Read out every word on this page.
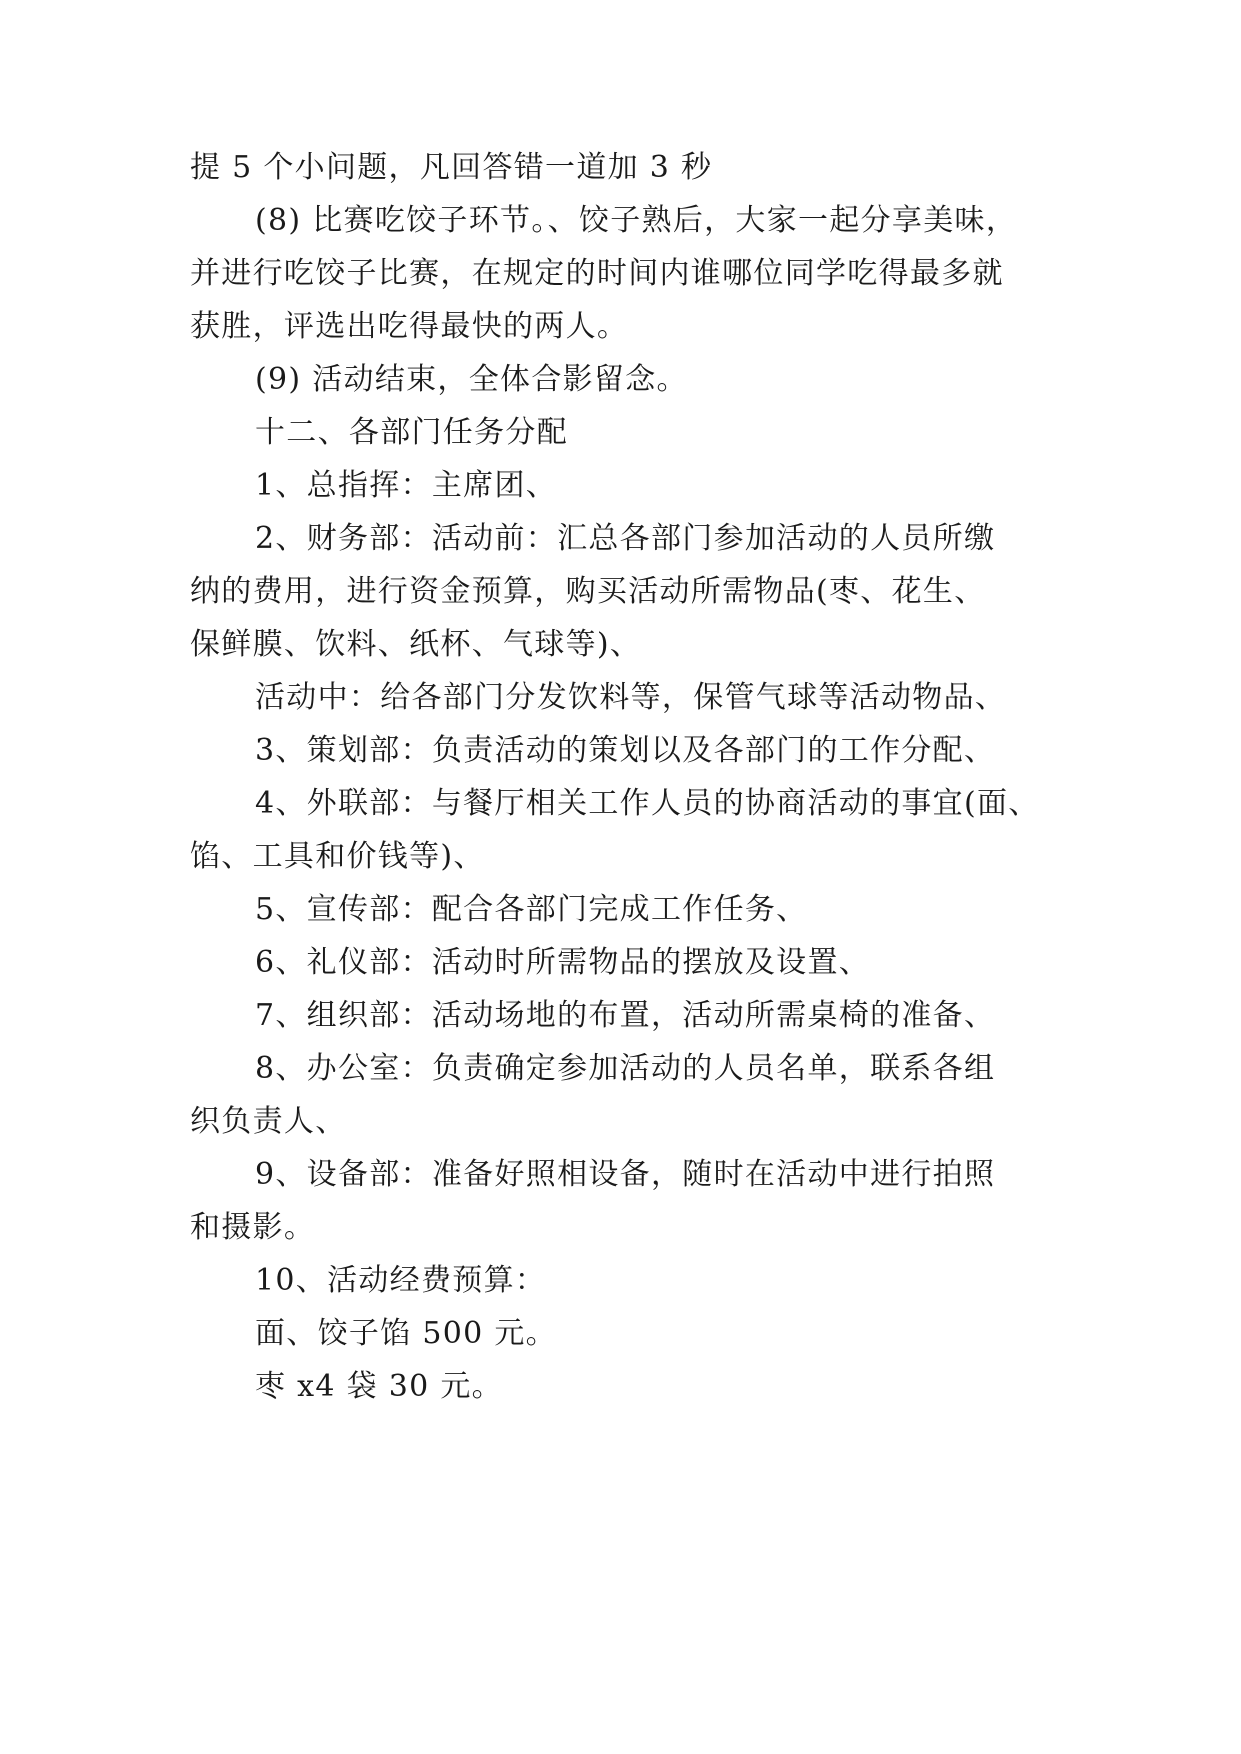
提 5 个小问题，凡回答错一道加 3 秒
(8) 比赛吃饺子环节。、饺子熟后，大家一起分享美味，
并进行吃饺子比赛，在规定的时间内谁哪位同学吃得最多就
获胜，评选出吃得最快的两人。
(9) 活动结束，全体合影留念。
十二、各部门任务分配
1、总指挥：主席团、
2、财务部：活动前：汇总各部门参加活动的人员所缴
纳的费用，进行资金预算，购买活动所需物品(枣、花生、
保鲜膜、饮料、纸杯、气球等)、
活动中：给各部门分发饮料等，保管气球等活动物品、
3、策划部：负责活动的策划以及各部门的工作分配、
4、外联部：与餐厅相关工作人员的协商活动的事宜(面、
馅、工具和价钱等)、
5、宣传部：配合各部门完成工作任务、
6、礼仪部：活动时所需物品的摆放及设置、
7、组织部：活动场地的布置，活动所需桌椅的准备、
8、办公室：负责确定参加活动的人员名单，联系各组
织负责人、
9、设备部：准备好照相设备，随时在活动中进行拍照
和摄影。
10、活动经费预算：
面、饺子馅 500 元。
枣 x4 袋 30 元。
